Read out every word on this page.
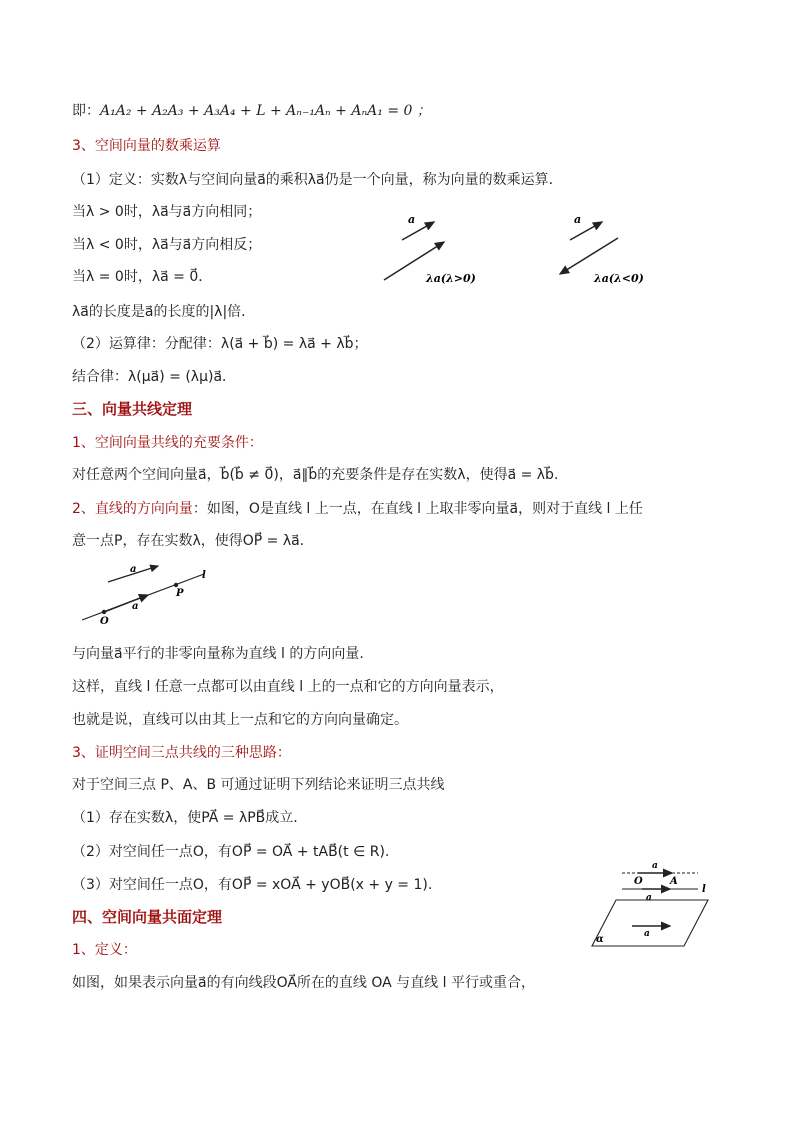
即：A₁A₂ + A₂A₃ + A₃A₄ + L + Aₙ₋₁Aₙ + AₙA₁ = 0 ；
3、空间向量的数乘运算
（1）定义：实数λ与空间向量a⃗的乘积λa⃗仍是一个向量，称为向量的数乘运算．
当λ > 0时，λa⃗与a⃗方向相同；
当λ < 0时，λa⃗与a⃗方向相反；
当λ = 0时，λa⃗ = 0⃗．
λa⃗的长度是a⃗的长度的|λ|倍．
（2）运算律：分配律：λ(a⃗ + b⃗) = λa⃗ + λb⃗；
结合律：λ(μa⃗) = (λμ)a⃗．
a
λa(λ>0)
a
λa(λ<0)
三、向量共线定理
1、空间向量共线的充要条件：
对任意两个空间向量a⃗，b⃗(b⃗ ≠ 0⃗)，a⃗∥b⃗的充要条件是存在实数λ，使得a⃗ = λb⃗.
2、直线的方向向量：如图，O是直线 l 上一点，在直线 l 上取非零向量a⃗，则对于直线 l 上任
意一点P，存在实数λ，使得OP⃗ = λa⃗.
a
a
O
P
l
与向量a⃗平行的非零向量称为直线 l 的方向向量.
这样，直线 l 任意一点都可以由直线 l 上的一点和它的方向向量表示，
也就是说，直线可以由其上一点和它的方向向量确定。
3、证明空间三点共线的三种思路：
对于空间三点 P、A、B 可通过证明下列结论来证明三点共线
（1）存在实数λ，使PA⃗ = λPB⃗成立.
（2）对空间任一点O，有OP⃗ = OA⃗ + tAB⃗(t ∈ R).
（3）对空间任一点O，有OP⃗ = xOA⃗ + yOB⃗(x + y = 1).
四、空间向量共面定理
1、定义：
如图，如果表示向量a⃗的有向线段OA⃗所在的直线 OA 与直线 l 平行或重合，
a
O	A
a
l
a
α
